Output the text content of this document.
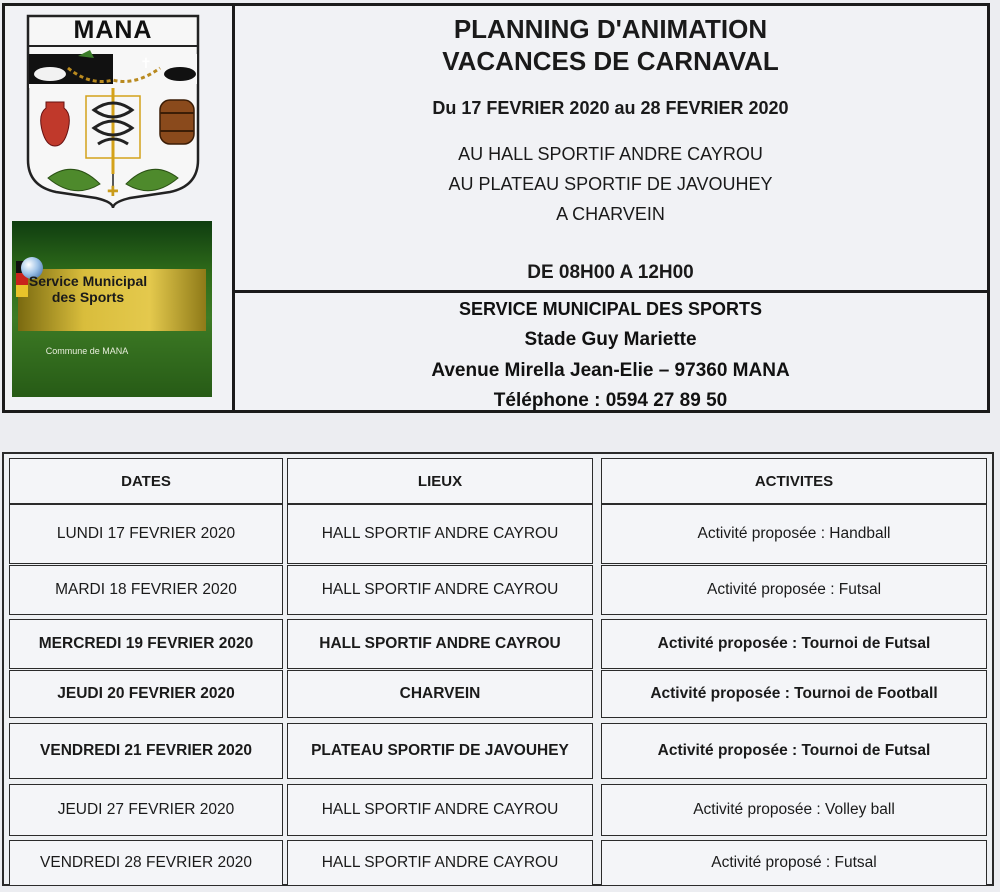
✝
✚
MANA
Service Municipal des Sports
Commune de MANA
PLANNING D'ANIMATION
VACANCES DE CARNAVAL
Du 17 FEVRIER 2020 au 28 FEVRIER 2020
AU HALL SPORTIF ANDRE CAYROU
AU PLATEAU SPORTIF DE JAVOUHEY
A CHARVEIN
DE 08H00 A 12H00
SERVICE MUNICIPAL DES SPORTS
Stade Guy Mariette
Avenue Mirella Jean-Elie – 97360 MANA
Téléphone : 0594 27 89 50
DATES	LIEUX	ACTIVITES
LUNDI 17 FEVRIER 2020	HALL SPORTIF ANDRE CAYROU	Activité proposée : Handball
MARDI 18 FEVRIER 2020	HALL SPORTIF ANDRE CAYROU	Activité proposée : Futsal
MERCREDI 19 FEVRIER 2020	HALL SPORTIF ANDRE CAYROU	Activité proposée : Tournoi de Futsal
JEUDI 20 FEVRIER 2020	CHARVEIN	Activité proposée : Tournoi de Football
VENDREDI 21 FEVRIER 2020	PLATEAU SPORTIF DE JAVOUHEY	Activité proposée : Tournoi de Futsal
JEUDI 27 FEVRIER 2020	HALL SPORTIF ANDRE CAYROU	Activité proposée : Volley ball
VENDREDI 28 FEVRIER 2020	HALL SPORTIF ANDRE CAYROU	Activité proposé : Futsal
